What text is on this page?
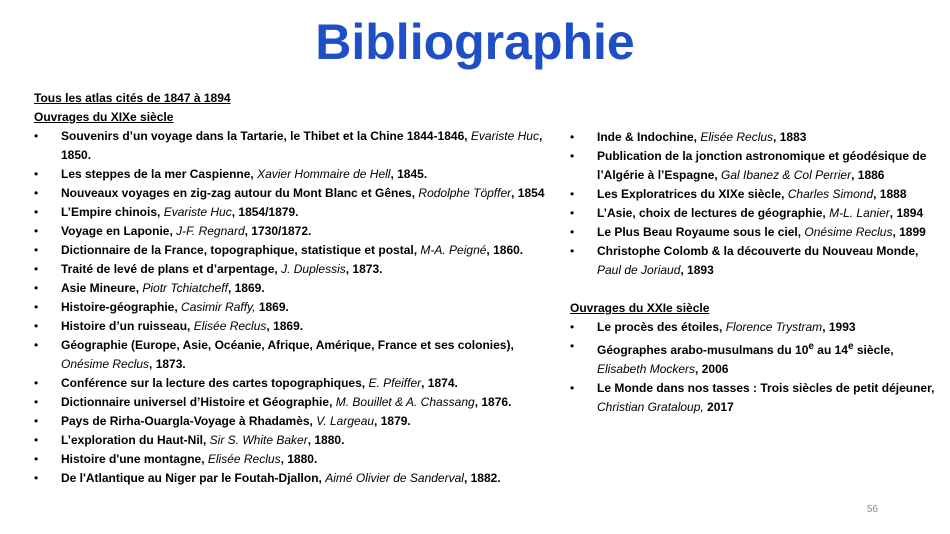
Bibliographie
Tous les atlas cités de 1847 à 1894
Ouvrages du XIXe siècle
• Souvenirs d’un voyage dans la Tartarie, le Thibet et la Chine 1844-1846, Evariste Huc, 1850.
• Les steppes de la mer Caspienne, Xavier Hommaire de Hell, 1845.
• Nouveaux voyages en zig-zag autour du Mont Blanc et Gênes, Rodolphe Töpffer, 1854
• L’Empire chinois, Evariste Huc, 1854/1879.
• Voyage en Laponie, J-F. Regnard, 1730/1872.
• Dictionnaire de la France, topographique, statistique et postal, M-A. Peigné, 1860.
• Traité de levé de plans et d’arpentage, J. Duplessis, 1873.
• Asie Mineure, Piotr Tchiatcheff, 1869.
• Histoire-géographie, Casimir Raffy, 1869.
• Histoire d’un ruisseau, Elisée Reclus, 1869.
• Géographie (Europe, Asie, Océanie, Afrique, Amérique, France et ses colonies), Onésime Reclus, 1873.
• Conférence sur la lecture des cartes topographiques, E. Pfeiffer, 1874.
• Dictionnaire universel d’Histoire et Géographie, M. Bouillet & A. Chassang, 1876.
• Pays de Rirha-Ouargla-Voyage à Rhadamès, V. Largeau, 1879.
• L’exploration du Haut-Nil, Sir S. White Baker, 1880.
• Histoire d'une montagne, Elisée Reclus, 1880.
• De l'Atlantique au Niger par le Foutah-Djallon, Aimé Olivier de Sanderval, 1882.
• Inde & Indochine, Elisée Reclus, 1883
• Publication de la jonction astronomique et géodésique de l’Algérie à l’Espagne, Gal Ibanez & Col Perrier, 1886
• Les Exploratrices du XIXe siècle, Charles Simond, 1888
• L’Asie, choix de lectures de géographie, M-L. Lanier, 1894
• Le Plus Beau Royaume sous le ciel, Onésime Reclus, 1899
• Christophe Colomb & la découverte du Nouveau Monde, Paul de Joriaud, 1893
Ouvrages du XXIe siècle
• Le procès des étoiles, Florence Trystram, 1993
• Géographes arabo-musulmans du 10e au 14e siècle, Elisabeth Mockers, 2006
• Le Monde dans nos tasses : Trois siècles de petit déjeuner, Christian Grataloup, 2017
56
